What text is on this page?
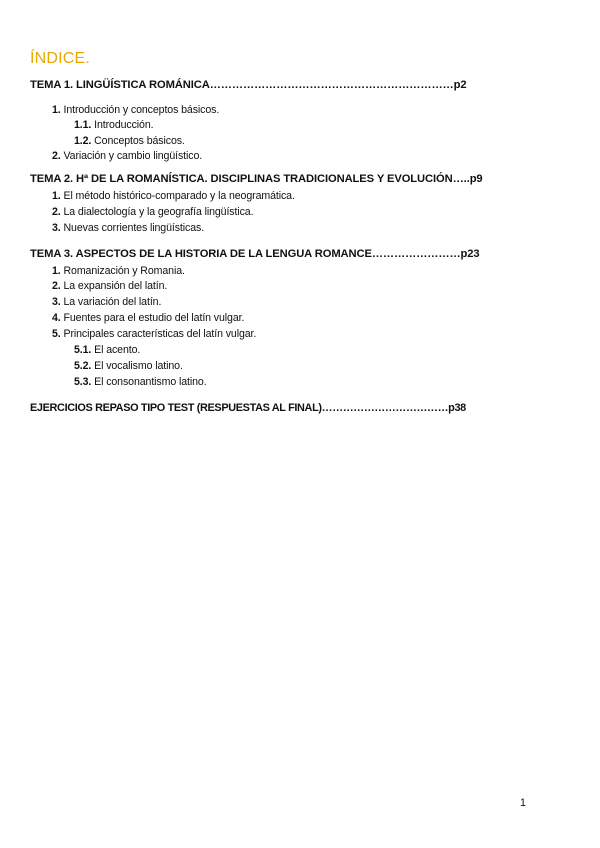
ÍNDICE.
TEMA 1. LINGÜÍSTICA ROMÁNICA…………………………………………………………p2
1. Introducción y conceptos básicos.
1.1. Introducción.
1.2. Conceptos básicos.
2. Variación y cambio lingüístico.
TEMA 2. Hª DE LA ROMANÍSTICA. DISCIPLINAS TRADICIONALES Y EVOLUCIÓN…..p9
1. El método histórico-comparado y la neogramática.
2. La dialectología y la geografía lingüística.
3. Nuevas corrientes lingüísticas.
TEMA 3. ASPECTOS DE LA HISTORIA DE LA LENGUA ROMANCE……………………p23
1. Romanización y Romania.
2. La expansión del latín.
3. La variación del latín.
4. Fuentes para el estudio del latín vulgar.
5. Principales características del latín vulgar.
5.1. El acento.
5.2. El vocalismo latino.
5.3. El consonantismo latino.
EJERCICIOS REPASO TIPO TEST (RESPUESTAS AL FINAL)………………………………p38
1
